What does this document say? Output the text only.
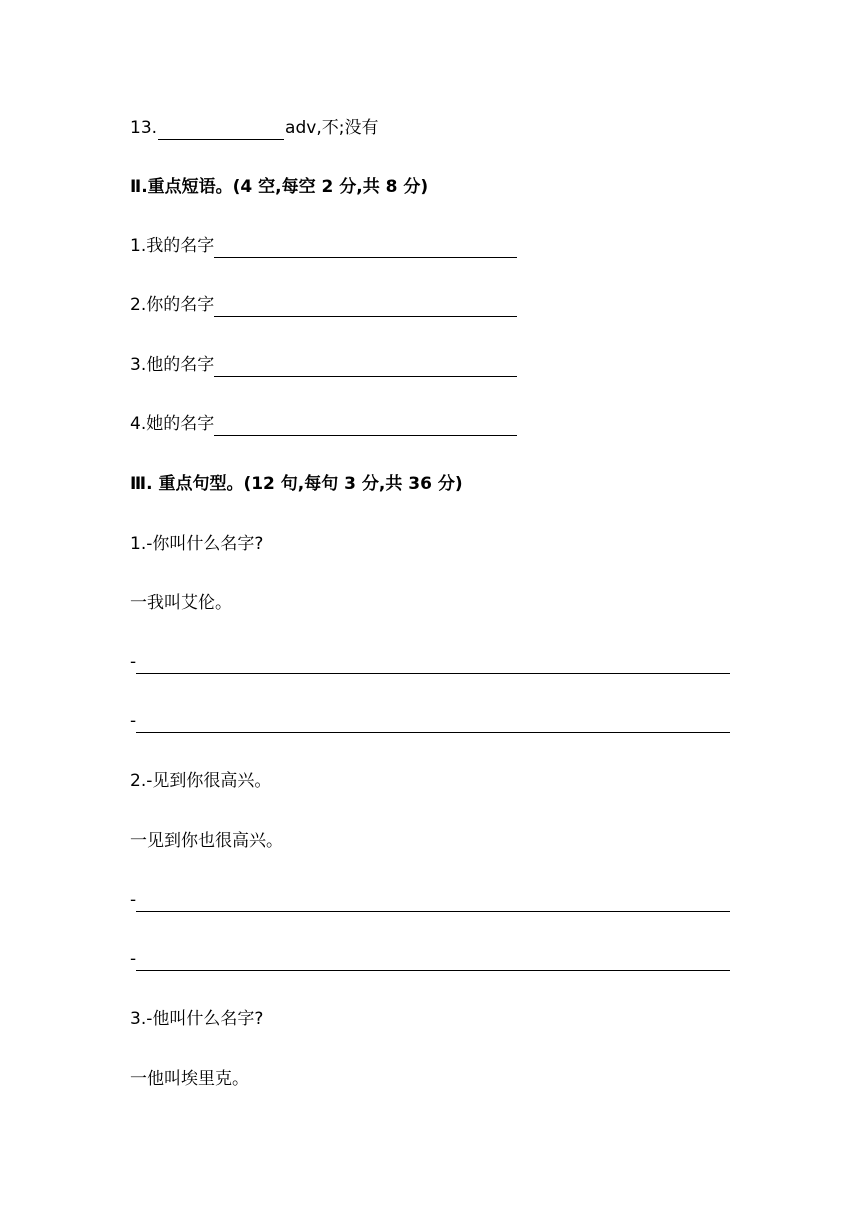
13.	adv,不;没有
Ⅱ.重点短语。(4 空,每空 2 分,共 8 分)
1.我的名字
2.你的名字
3.他的名字
4.她的名字
Ⅲ. 重点句型。(12 句,每句 3 分,共 36 分)
1.-你叫什么名字?
一我叫艾伦。
-
-
2.-见到你很高兴。
一见到你也很高兴。
-
-
3.-他叫什么名字?
一他叫埃里克。
